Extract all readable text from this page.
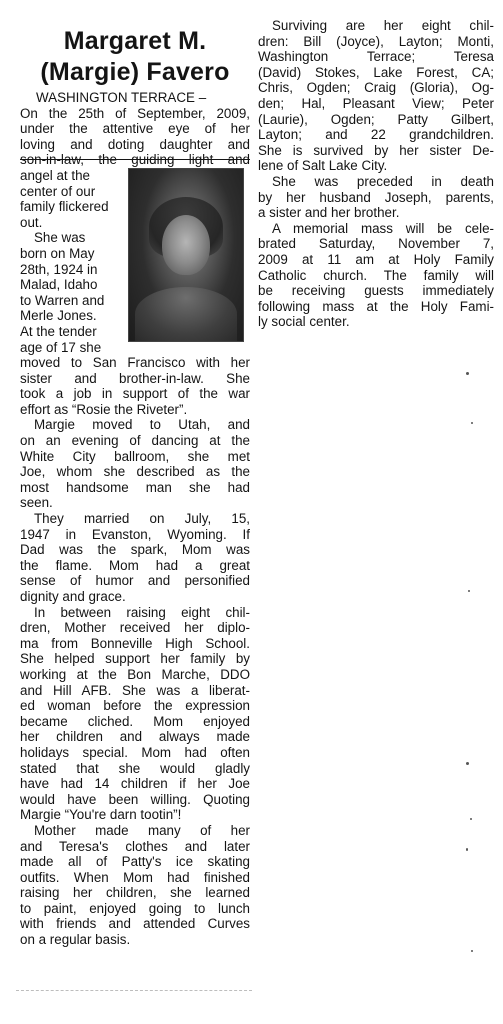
Margaret M.
(Margie) Favero

WASHINGTON TERRACE –

On the 25th of September, 2009,

under the attentive eye of her

loving and doting daughter and

son-in-law, the guiding light and

angel at the

center of our

family flickered

out.

She was

born on May

28th, 1924 in

Malad, Idaho

to Warren and

Merle Jones.

At the tender

age of 17 she

moved to San Francisco with her

sister and brother-in-law. She

took a job in support of the war

effort as “Rosie the Riveter”.

Margie moved to Utah, and

on an evening of dancing at the

White City ballroom, she met

Joe, whom she described as the

most handsome man she had

seen.

They married on July, 15,

1947 in Evanston, Wyoming. If

Dad was the spark, Mom was

the flame. Mom had a great

sense of humor and personified

dignity and grace.

In between raising eight chil-

dren, Mother received her diplo-

ma from Bonneville High School.

She helped support her family by

working at the Bon Marche, DDO

and Hill AFB. She was a liberat-

ed woman before the expression

became cliched. Mom enjoyed

her children and always made

holidays special. Mom had often

stated that she would gladly

have had 14 children if her Joe

would have been willing. Quoting

Margie “You're darn tootin”!

Mother made many of her

and Teresa's clothes and later

made all of Patty's ice skating

outfits. When Mom had finished

raising her children, she learned

to paint, enjoyed going to lunch

with friends and attended Curves

on a regular basis.

Surviving are her eight chil-

dren: Bill (Joyce), Layton; Monti,

Washington Terrace; Teresa

(David) Stokes, Lake Forest, CA;

Chris, Ogden; Craig (Gloria), Og-

den; Hal, Pleasant View; Peter

(Laurie), Ogden; Patty Gilbert,

Layton; and 22 grandchildren.

She is survived by her sister De-

lene of Salt Lake City.

She was preceded in death

by her husband Joseph, parents,

a sister and her brother.

A memorial mass will be cele-

brated Saturday, November 7,

2009 at 11 am at Holy Family

Catholic church. The family will

be receiving guests immediately

following mass at the Holy Fami-

ly social center.
